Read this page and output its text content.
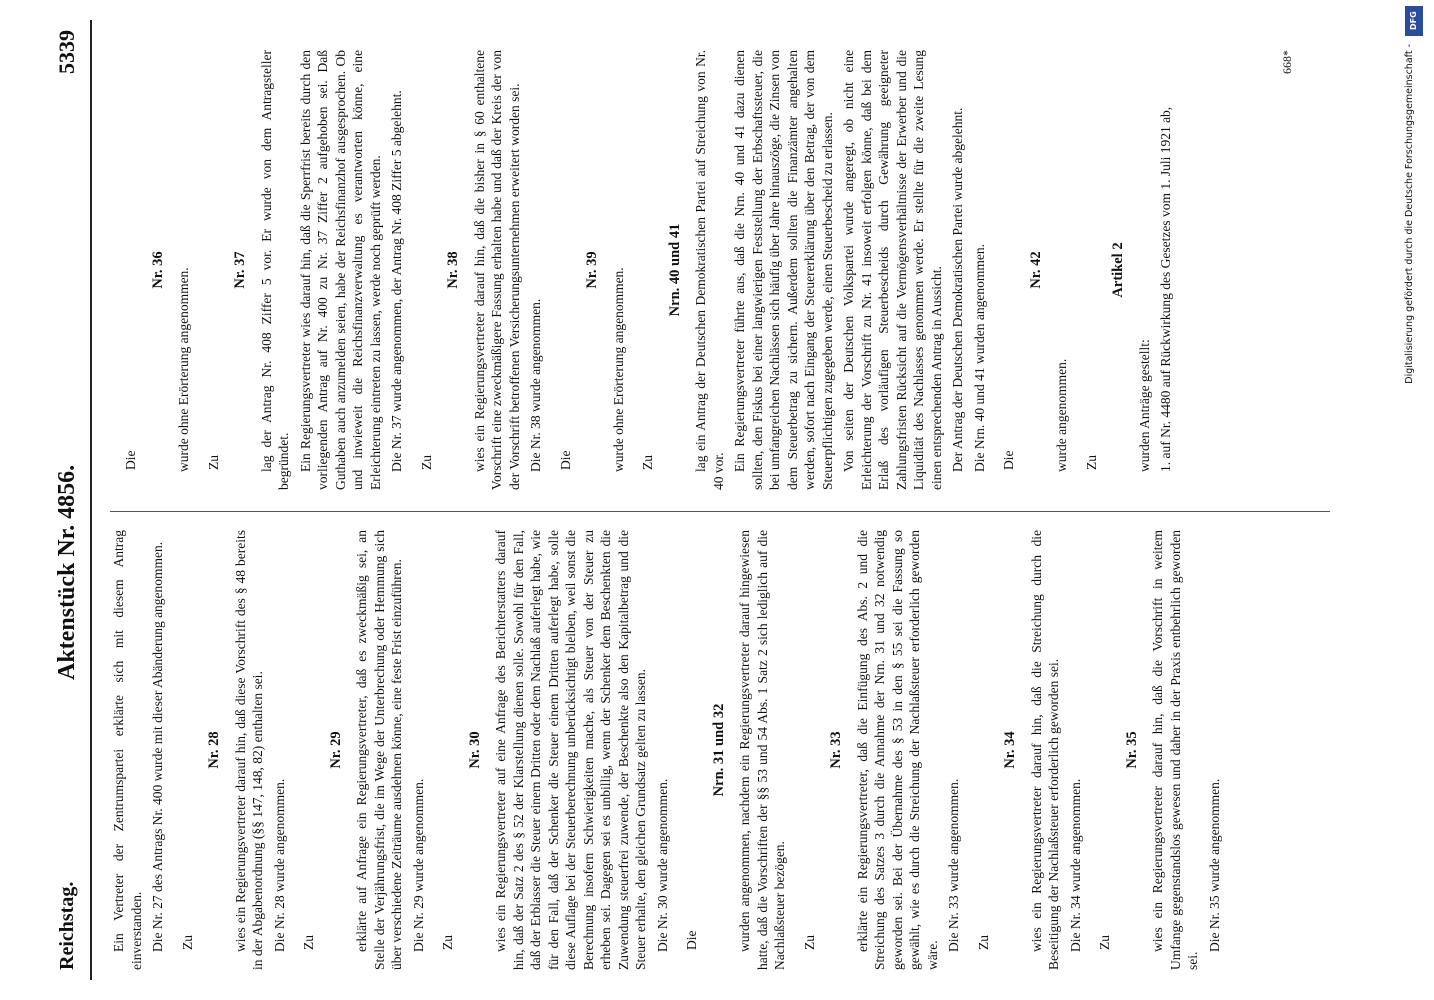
Reichstag.
Aktenstück Nr. 4856.
5339

Ein Vertreter der Zentrumspartei erklärte sich mit diesem Antrag einverstanden. Die Nr. 27 des Antrags Nr. 400 wurde mit dieser Abänderung angenommen. Zu

Nr. 28 wies ein Regierungsvertreter darauf hin, daß diese Vorschrift des § 48 bereits in der Abgabenordnung (§§ 147, 148, 82) enthalten sei. Die Nr. 28 wurde angenommen. Zu

Nr. 29 erklärte auf Anfrage ein Regierungsvertreter, daß es zweckmäßig sei, an Stelle der Verjährungsfrist, die im Wege der Unterbrechung oder Hemmung sich über verschiedene Zeiträume ausdehnen könne, eine feste Frist einzuführen. Die Nr. 29 wurde angenommen. Zu

Nr. 30 wies ein Regierungsvertreter auf eine Anfrage des Berichterstatters darauf hin, daß der Satz 2 des § 52 der Klarstellung dienen solle. Sowohl für den Fall, daß der Erblasser die Steuer einem Dritten oder dem Nachlaß auferlegt habe, wie für den Fall, daß der Schenker die Steuer einem Dritten auferlegt habe, solle diese Auflage bei der Steuerberechnung unberücksichtigt bleiben, weil sonst die Berechnung insofern Schwierigkeiten mache, als Steuer von der Steuer zu erheben sei. Dagegen sei es unbillig, wenn der Schenker dem Beschenkten die Zuwendung steuerfrei zuwende, der Beschenkte also den Kapitalbetrag und die Steuer erhalte, den gleichen Grundsatz gelten zu lassen. Die Nr. 30 wurde angenommen. Die

Nrn. 31 und 32 wurden angenommen, nachdem ein Regierungsvertreter darauf hingewiesen hatte, daß die Vorschriften der §§ 53 und 54 Abs. 1 Satz 2 sich lediglich auf die Nachlaßsteuer bezögen. Zu

Nr. 33 erklärte ein Regierungsvertreter, daß die Einfügung des Abs. 2 und die Streichung des Satzes 3 durch die Annahme der Nrn. 31 und 32 notwendig geworden sei. Bei der Übernahme des § 53 in den § 55 sei die Fassung so gewählt, wie es durch die Streichung der Nachlaßsteuer erforderlich geworden wäre.

Die Nr. 33 wurde angenommen. Zu

Nr. 34 wies ein Regierungsvertreter darauf hin, daß die Streichung durch die Beseitigung der Nachlaßsteuer erforderlich geworden sei. Die Nr. 34 wurde angenommen. Zu

Nr. 35 wies ein Regierungsvertreter darauf hin, daß die Vorschrift in weitem Umfange gegenstandslos gewesen und daher in der Praxis entbehrlich geworden sei.

Die Nr. 35 wurde angenommen.

Die

Nr. 36 wurde ohne Erörterung angenommen. Zu

Nr. 37 lag der Antrag Nr. 408 Ziffer 5 vor. Er wurde von dem Antragsteller begründet. Ein Regierungsvertreter wies darauf hin, daß die Sperrfrist bereits durch den vorliegenden Antrag auf Nr. 400 zu Nr. 37 Ziffer 2 aufgehoben sei. Daß Guthaben auch anzumelden seien, habe der Reichsfinanzhof ausgesprochen. Ob und inwieweit die Reichsfinanzverwaltung es verantworten könne, eine Erleichterung eintreten zu lassen, werde noch geprüft werden. Die Nr. 37 wurde angenommen, der Antrag Nr. 408 Ziffer 5 abgelehnt. Zu

Nr. 38 wies ein Regierungsvertreter darauf hin, daß die bisher in § 60 enthaltene Vorschrift eine zweckmäßigere Fassung erhalten habe und daß der Kreis der von der Vorschrift betroffenen Versicherungsunternehmen erweitert worden sei. Die Nr. 38 wurde angenommen. Die

Nr. 39 wurde ohne Erörterung angenommen. Zu

Nrn. 40 und 41 lag ein Antrag der Deutschen Demokratischen Partei auf Streichung von Nr. 40 vor. Ein Regierungsvertreter führte aus, daß die Nrn. 40 und 41 dazu dienen sollten, den Fiskus bei einer langwierigen Feststellung der Erbschaftssteuer, die bei umfangreichen Nachlässen sich häufig über Jahre hinauszöge, die Zinsen von dem Steuerbetrag zu sichern. Außerdem sollten die Finanzämter angehalten werden, sofort nach Eingang der Steuererklärung über den Betrag, der von dem Steuerpflichtigen zugegeben werde, einen Steuerbescheid zu erlassen. Von seiten der Deutschen Volkspartei wurde angeregt, ob nicht eine Erleichterung der Vorschrift zu Nr. 41 insoweit erfolgen könne, daß bei dem Erlaß des vorläufigen Steuerbescheids durch Gewährung geeigneter Zahlungsfristen Rücksicht auf die Vermögensverhältnisse der Erwerber und die Liquidität des Nachlasses genommen werde. Er stellte für die zweite Lesung einen entsprechenden Antrag in Aussicht. Der Antrag der Deutschen Demokratischen Partei wurde abgelehnt. Die Nrn. 40 und 41 wurden angenommen. Die

Nr. 42

wurde angenommen. Zu

Artikel 2

wurden Anträge gestellt: 1. auf Nr. 4480 auf Rückwirkung des Gesetzes vom 1. Juli 1921 ab,

668*
DFG
Digitalisierung gefördert durch die Deutsche Forschungsgemeinschaft -
